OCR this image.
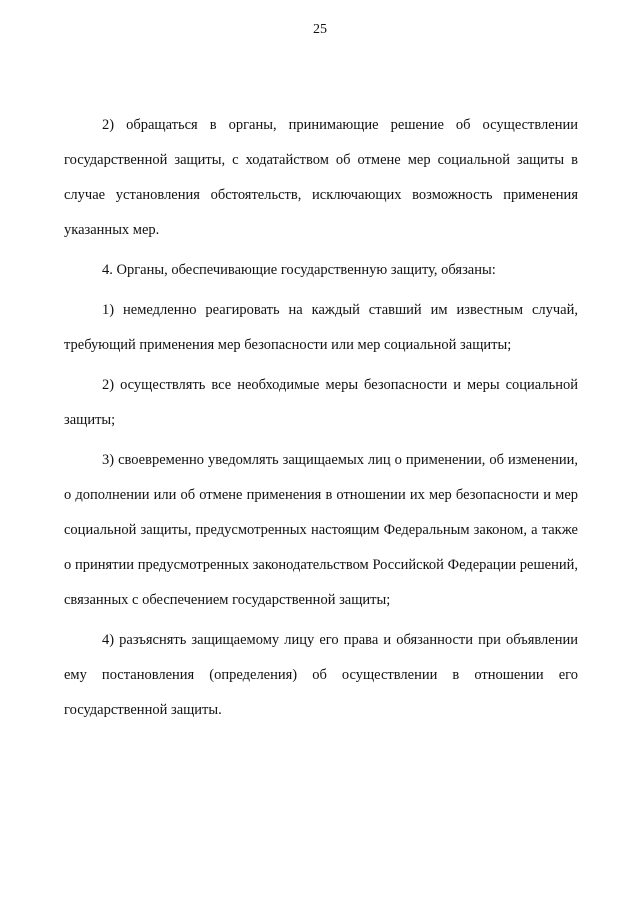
25

2) обращаться в органы, принимающие решение об осуществлении государственной защиты, с ходатайством об отмене мер социальной защиты в случае установления обстоятельств, исключающих возможность применения указанных мер.

4. Органы, обеспечивающие государственную защиту, обязаны:

1) немедленно реагировать на каждый ставший им известным случай, требующий применения мер безопасности или мер социальной защиты;

2) осуществлять все необходимые меры безопасности и меры социальной защиты;

3) своевременно уведомлять защищаемых лиц о применении, об изменении, о дополнении или об отмене применения в отношении их мер безопасности и мер социальной защиты, предусмотренных настоящим Федеральным законом, а также о принятии предусмотренных законодательством Российской Федерации решений, связанных с обеспечением государственной защиты;

4) разъяснять защищаемому лицу его права и обязанности при объявлении ему постановления (определения) об осуществлении в отношении его государственной защиты.
